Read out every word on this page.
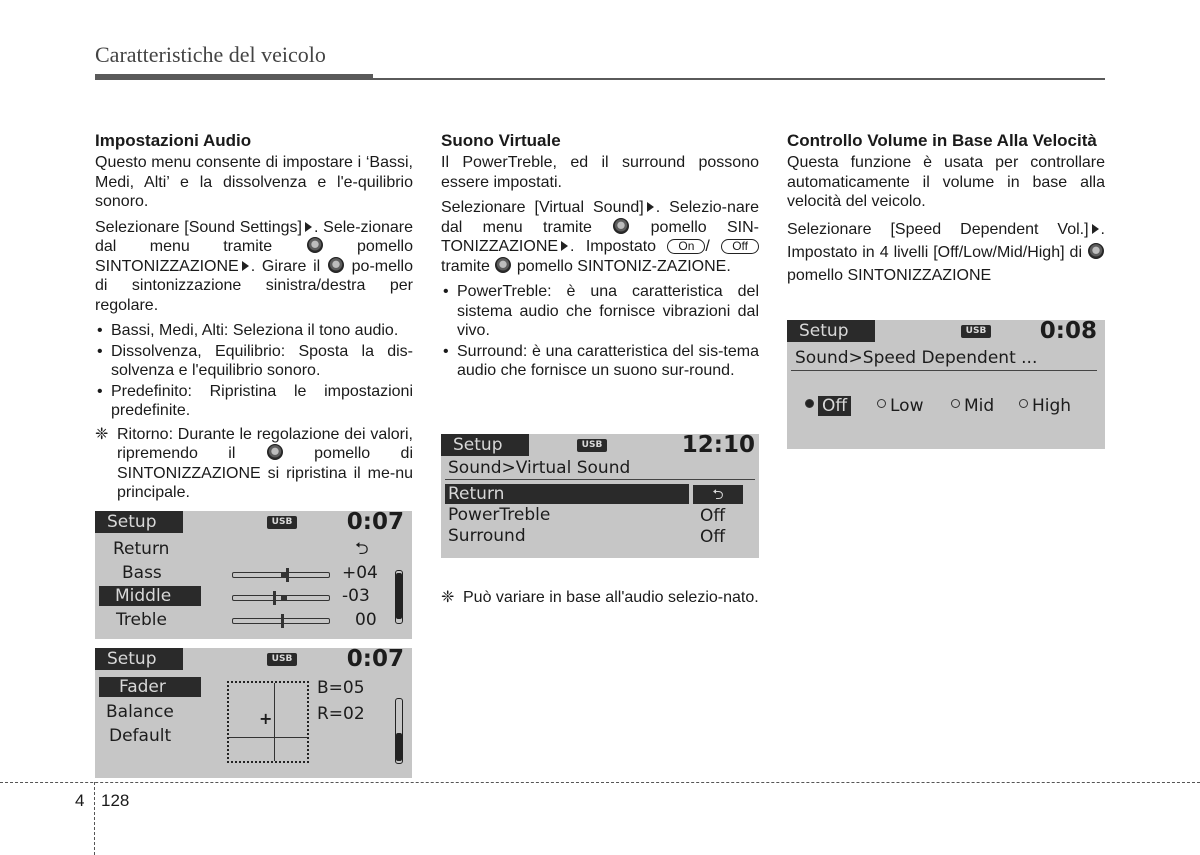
Caratteristiche del veicolo
Impostazioni Audio

Questo menu consente di impostare i ‘Bassi, Medi, Alti’ e la dissolvenza e l'e-quilibrio sonoro.

Selezionare [Sound Settings] . Sele-zionare dal menu tramite	pomello SINTONIZZAZIONE . Girare il po-mello di sintonizzazione sinistra/destra per regolare.

• Bassi, Medi, Alti: Seleziona il tono audio.
• Dissolvenza, Equilibrio: Sposta la dis-solvenza e l'equilibrio sonoro.
• Predefinito: Ripristina le impostazioni predefinite.
❈ Ritorno: Durante le regolazione dei valori, ripremendo il	pomello di SINTONIZZAZIONE si ripristina il me-nu principale.
Setup	USB 0:07
Return	⮌
Bass	+04
Middle	-03
Treble	00
Setup	USB 0:07
Fader
Balance
Default
+
B=05
R=02
Suono Virtuale

Il PowerTreble, ed il surround possono essere impostati.

Selezionare [Virtual Sound] . Selezio-nare dal menu tramite	pomello SIN-TONIZZAZIONE . Impostato On / Off tramite pomello SINTONIZ-ZAZIONE.

• PowerTreble: è una caratteristica del sistema audio che fornisce vibrazioni dal vivo.
• Surround: è una caratteristica del sis-tema audio che fornisce un suono sur-round.
Setup	USB	12:10
Sound>Virtual Sound
Return	⮌
PowerTreble	Off
Surround	Off
❈ Può variare in base all'audio selezio-nato.
Controllo Volume in Base Alla Velocità

Questa funzione è usata per controllare automaticamente il volume in base alla velocità del veicolo.

Selezionare [Speed Dependent Vol.] . Impostato in 4 livelli [Off/Low/Mid/High] di  pomello SINTONIZZAZIONE

Setup	USB 0:08
Sound>Speed Dependent ...
Off	Low	Mid	High
4 128
